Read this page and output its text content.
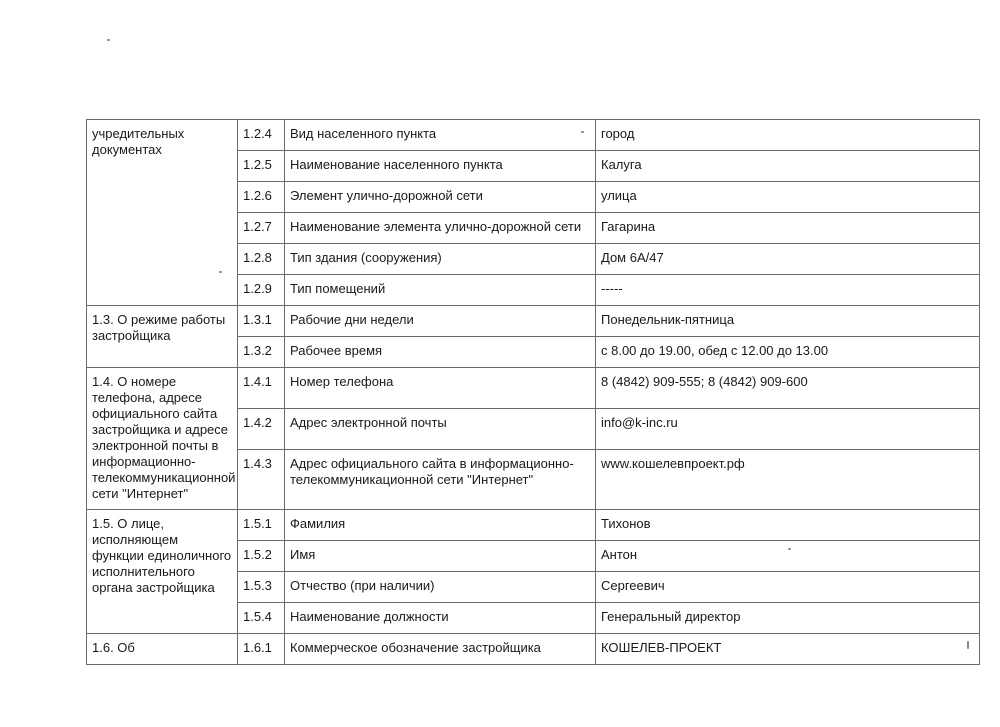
учредительных документах	1.2.4	Вид населенного пункта	город
	1.2.5	Наименование населенного пункта	Калуга
	1.2.6	Элемент улично-дорожной сети	улица
	1.2.7	Наименование элемента улично-дорожной сети	Гагарина
	1.2.8	Тип здания (сооружения)	Дом 6А/47
	1.2.9	Тип помещений	-----
1.3. О режиме работы застройщика	1.3.1	Рабочие дни недели	Понедельник-пятница
	1.3.2	Рабочее время	с 8.00 до 19.00, обед с 12.00 до 13.00
1.4. О номере телефона, адресе официального сайта застройщика и адресе электронной почты в информационно-телекоммуникационной сети "Интернет"	1.4.1	Номер телефона	8 (4842) 909-555; 8 (4842) 909-600
	1.4.2	Адрес электронной почты	info@k-inc.ru
	1.4.3	Адрес официального сайта в информационно-телекоммуникационной сети "Интернет"	www.кошелевпроект.рф
1.5. О лице, исполняющем функции единоличного исполнительного органа застройщика	1.5.1	Фамилия	Тихонов
	1.5.2	Имя	Антон
	1.5.3	Отчество (при наличии)	Сергеевич
	1.5.4	Наименование должности	Генеральный директор
1.6. Об	1.6.1	Коммерческое обозначение застройщика	КОШЕЛЕВ-ПРОЕКТ
